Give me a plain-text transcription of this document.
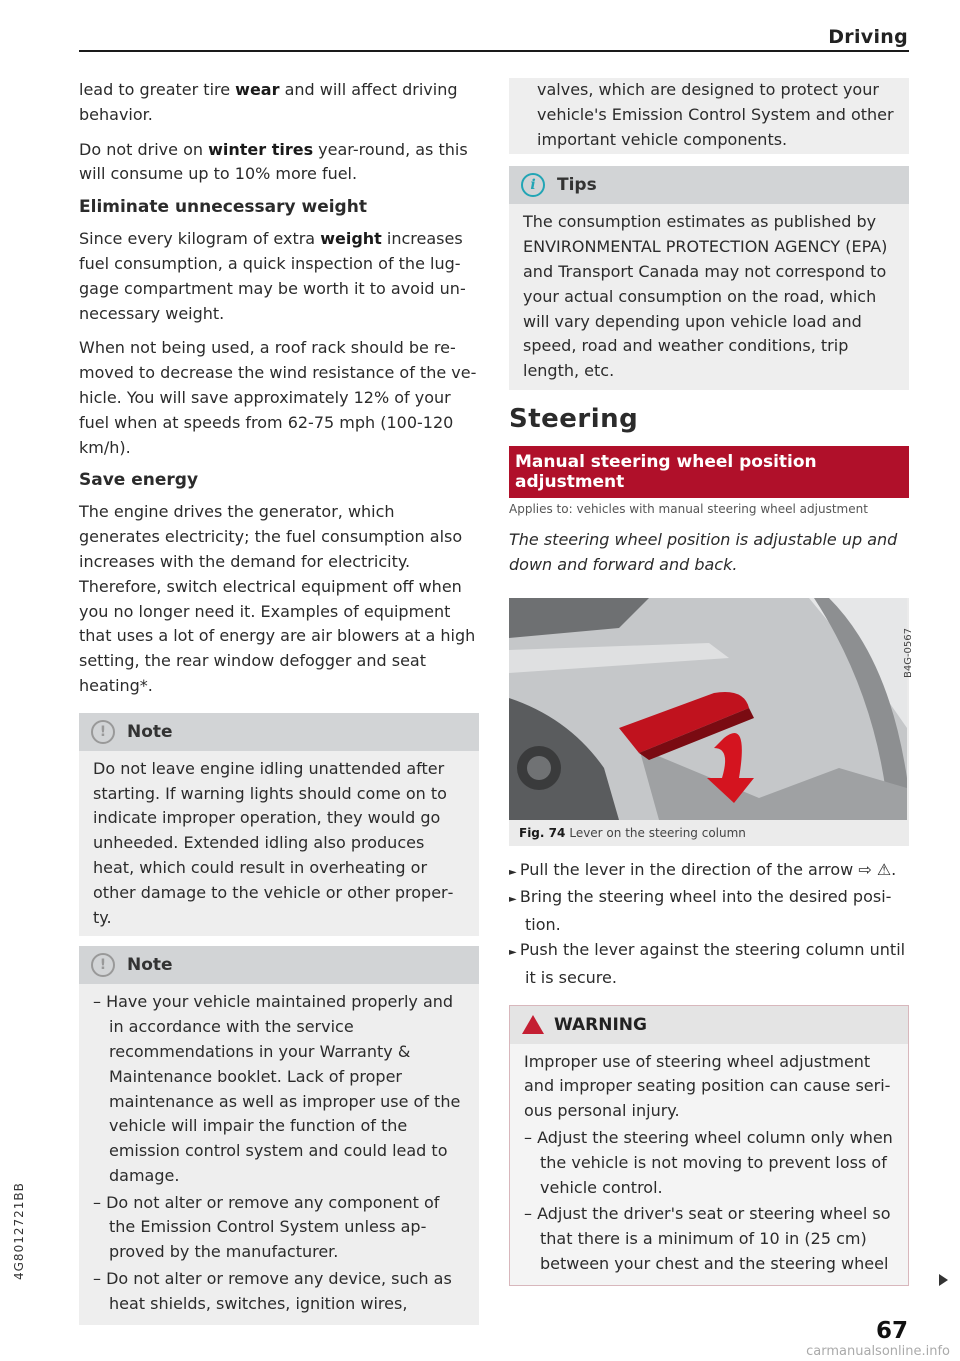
Driving

lead to greater tire wear and will affect driving behavior.

Do not drive on winter tires year-round, as this will consume up to 10% more fuel.

Eliminate unnecessary weight

Since every kilogram of extra weight increases fuel consumption, a quick inspection of the luggage compartment may be worth it to avoid unnecessary weight.

When not being used, a roof rack should be removed to decrease the wind resistance of the vehicle. You will save approximately 12% of your fuel when at speeds from 62-75 mph (100-120 km/h).

Save energy

The engine drives the generator, which generates electricity; the fuel consumption also increases with the demand for electricity. Therefore, switch electrical equipment off when you no longer need it. Examples of equipment that uses a lot of energy are air blowers at a high setting, the rear window defogger and seat heating*.

!	Note

Do not leave engine idling unattended after starting. If warning lights should come on to indicate improper operation, they would go unheeded. Extended idling also produces heat, which could result in overheating or other damage to the vehicle or other property.

!	Note
– Have your vehicle maintained properly and in accordance with the service recommendations in your Warranty & Maintenance booklet. Lack of proper maintenance as well as improper use of the vehicle will impair the function of the emission control system and could lead to damage.
– Do not alter or remove any component of the Emission Control System unless approved by the manufacturer.
– Do not alter or remove any device, such as heat shields, switches, ignition wires,

valves, which are designed to protect your vehicle's Emission Control System and other important vehicle components.

i	Tips

The consumption estimates as published by ENVIRONMENTAL PROTECTION AGENCY (EPA) and Transport Canada may not correspond to your actual consumption on the road, which will vary depending upon vehicle load and speed, road and weather conditions, trip length, etc.

Steering
Manual steering wheel position adjustment
Applies to: vehicles with manual steering wheel adjustment
The steering wheel position is adjustable up and down and forward and back.
B4G-0567
Fig. 74 Lever on the steering column
► Pull the lever in the direction of the arrow ⇨ ⚠.
► Bring the steering wheel into the desired position.
► Push the lever against the steering column until it is secure.
WARNING

Improper use of steering wheel adjustment and improper seating position can cause serious personal injury.

– Adjust the steering wheel column only when the vehicle is not moving to prevent loss of vehicle control.
– Adjust the driver's seat or steering wheel so that there is a minimum of 10 in (25 cm) between your chest and the steering wheel
67
4G8012721BB
carmanualsonline.info
